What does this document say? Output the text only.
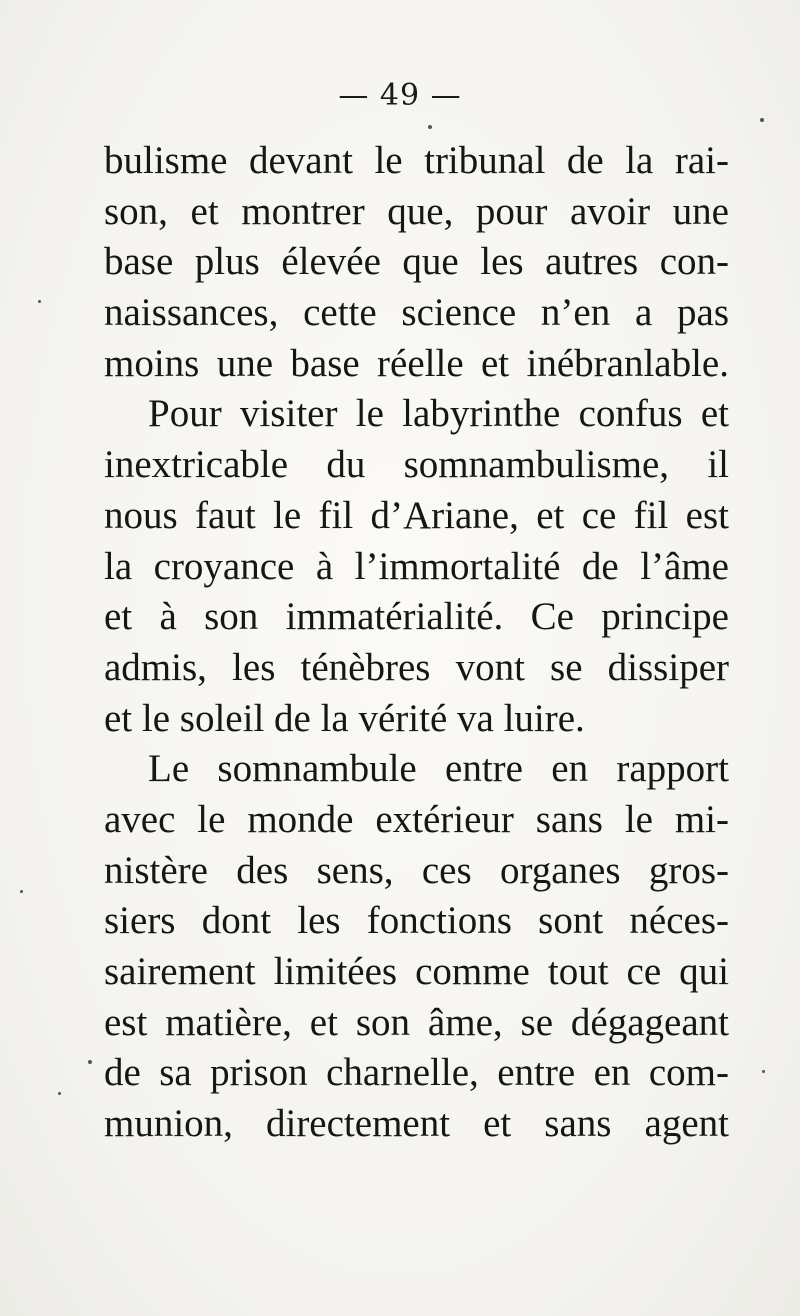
— 49 —
bulisme devant le tribunal de la rai-
son, et montrer que, pour avoir une
base plus élevée que les autres con-
naissances, cette science n’en a pas
moins une base réelle et inébranlable.
Pour visiter le labyrinthe confus et
inextricable du somnambulisme, il
nous faut le fil d’Ariane, et ce fil est
la croyance à l’immortalité de l’âme
et à son immatérialité. Ce principe
admis, les ténèbres vont se dissiper
et le soleil de la vérité va luire.
Le somnambule entre en rapport
avec le monde extérieur sans le mi-
nistère des sens, ces organes gros-
siers dont les fonctions sont néces-
sairement limitées comme tout ce qui
est matière, et son âme, se dégageant
de sa prison charnelle, entre en com-
munion, directement et sans agent
